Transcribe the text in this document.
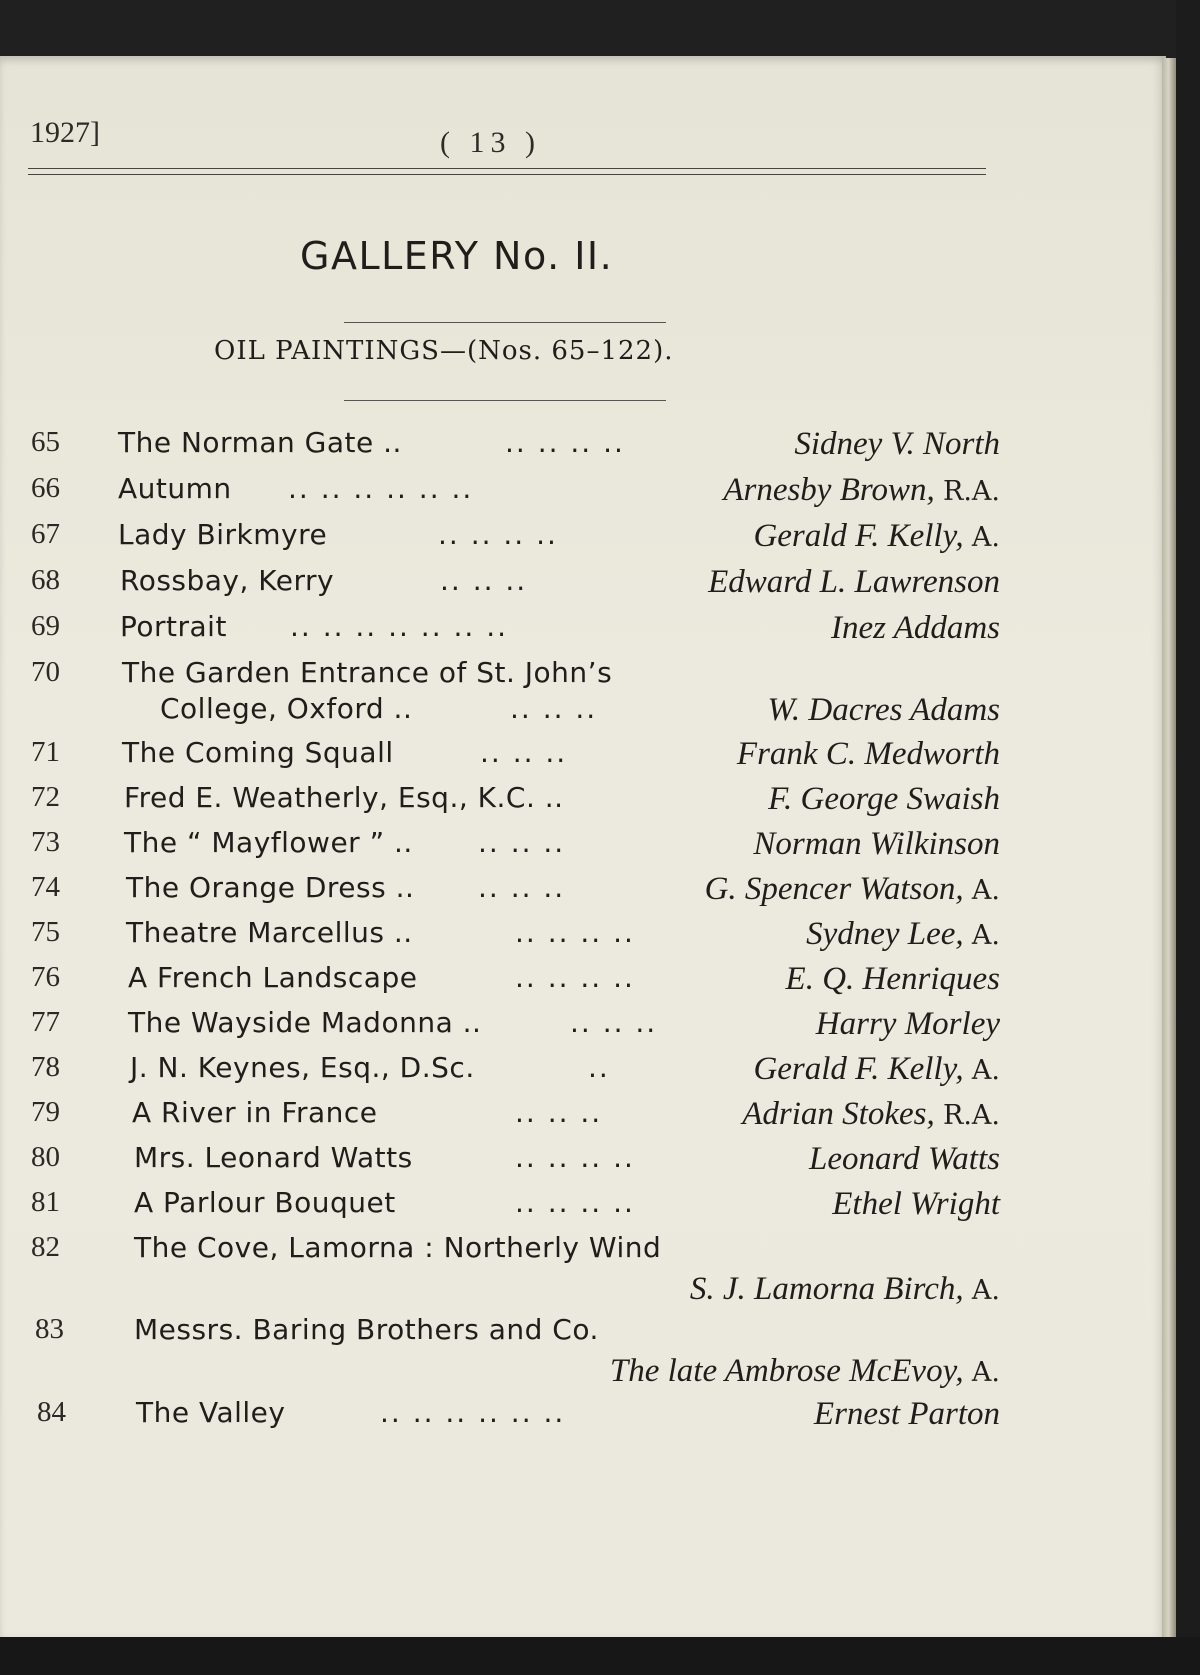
1927]	( 13 )
GALLERY No. II.
OIL PAINTINGS—(Nos. 65–122).
65 The Norman Gate ..	.. .. .. ..	Sidney V. North
66 Autumn .. .. .. .. .. ..	Arnesby Brown, R.A.
67 Lady Birkmyre	.. .. .. ..	Gerald F. Kelly, A.
68 Rossbay, Kerry	.. .. ..	Edward L. Lawrenson
69 Portrait .. .. .. .. .. .. ..	Inez Addams
70 The Garden Entrance of St. John’s
College, Oxford ..	.. .. ..	W. Dacres Adams
71 The Coming Squall	.. .. ..	Frank C. Medworth
72 Fred E. Weatherly, Esq., K.C. ..	F. George Swaish
73 The “ Mayflower ” .. .. .. ..	Norman Wilkinson
74 The Orange Dress .. .. .. ..	G. Spencer Watson, A.
75 Theatre Marcellus ..	.. .. .. ..	Sydney Lee, A.
76 A French Landscape	.. .. .. ..	E. Q. Henriques
77 The Wayside Madonna ..	.. .. ..	Harry Morley
78	J. N. Keynes, Esq., D.Sc.	..	Gerald F. Kelly, A.
79	A River in France	.. .. ..	Adrian Stokes, R.A.
80	Mrs. Leonard Watts	.. .. .. ..	Leonard Watts
81	A Parlour Bouquet	.. .. .. ..	Ethel Wright
82	The Cove, Lamorna : Northerly Wind
S. J. Lamorna Birch, A.
83	Messrs. Baring Brothers and Co.
The late Ambrose McEvoy, A.
84	The Valley	.. .. .. .. .. ..	Ernest Parton
